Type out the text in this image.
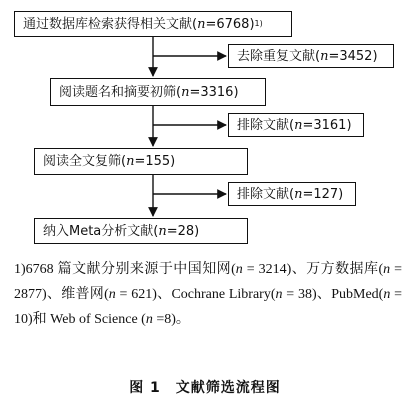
通过数据库检索获得相关文献 ( n =6768) 1)
去除重复文献 ( n =3452)
阅读题名和摘要初筛 ( n =3316)
排除文献 ( n =3161)
阅读全文复筛 ( n =155)
排除文献 ( n =127)
纳入Meta分析文献 ( n =28)
1)6768 篇文献分别来源于中国知网(n = 3214)、万方数据库(n = 2877)、维普网(n = 621)、Cochrane Library(n = 38)、PubMed(n = 10)和 Web of Science (n =8)。
图 1　文献筛选流程图
